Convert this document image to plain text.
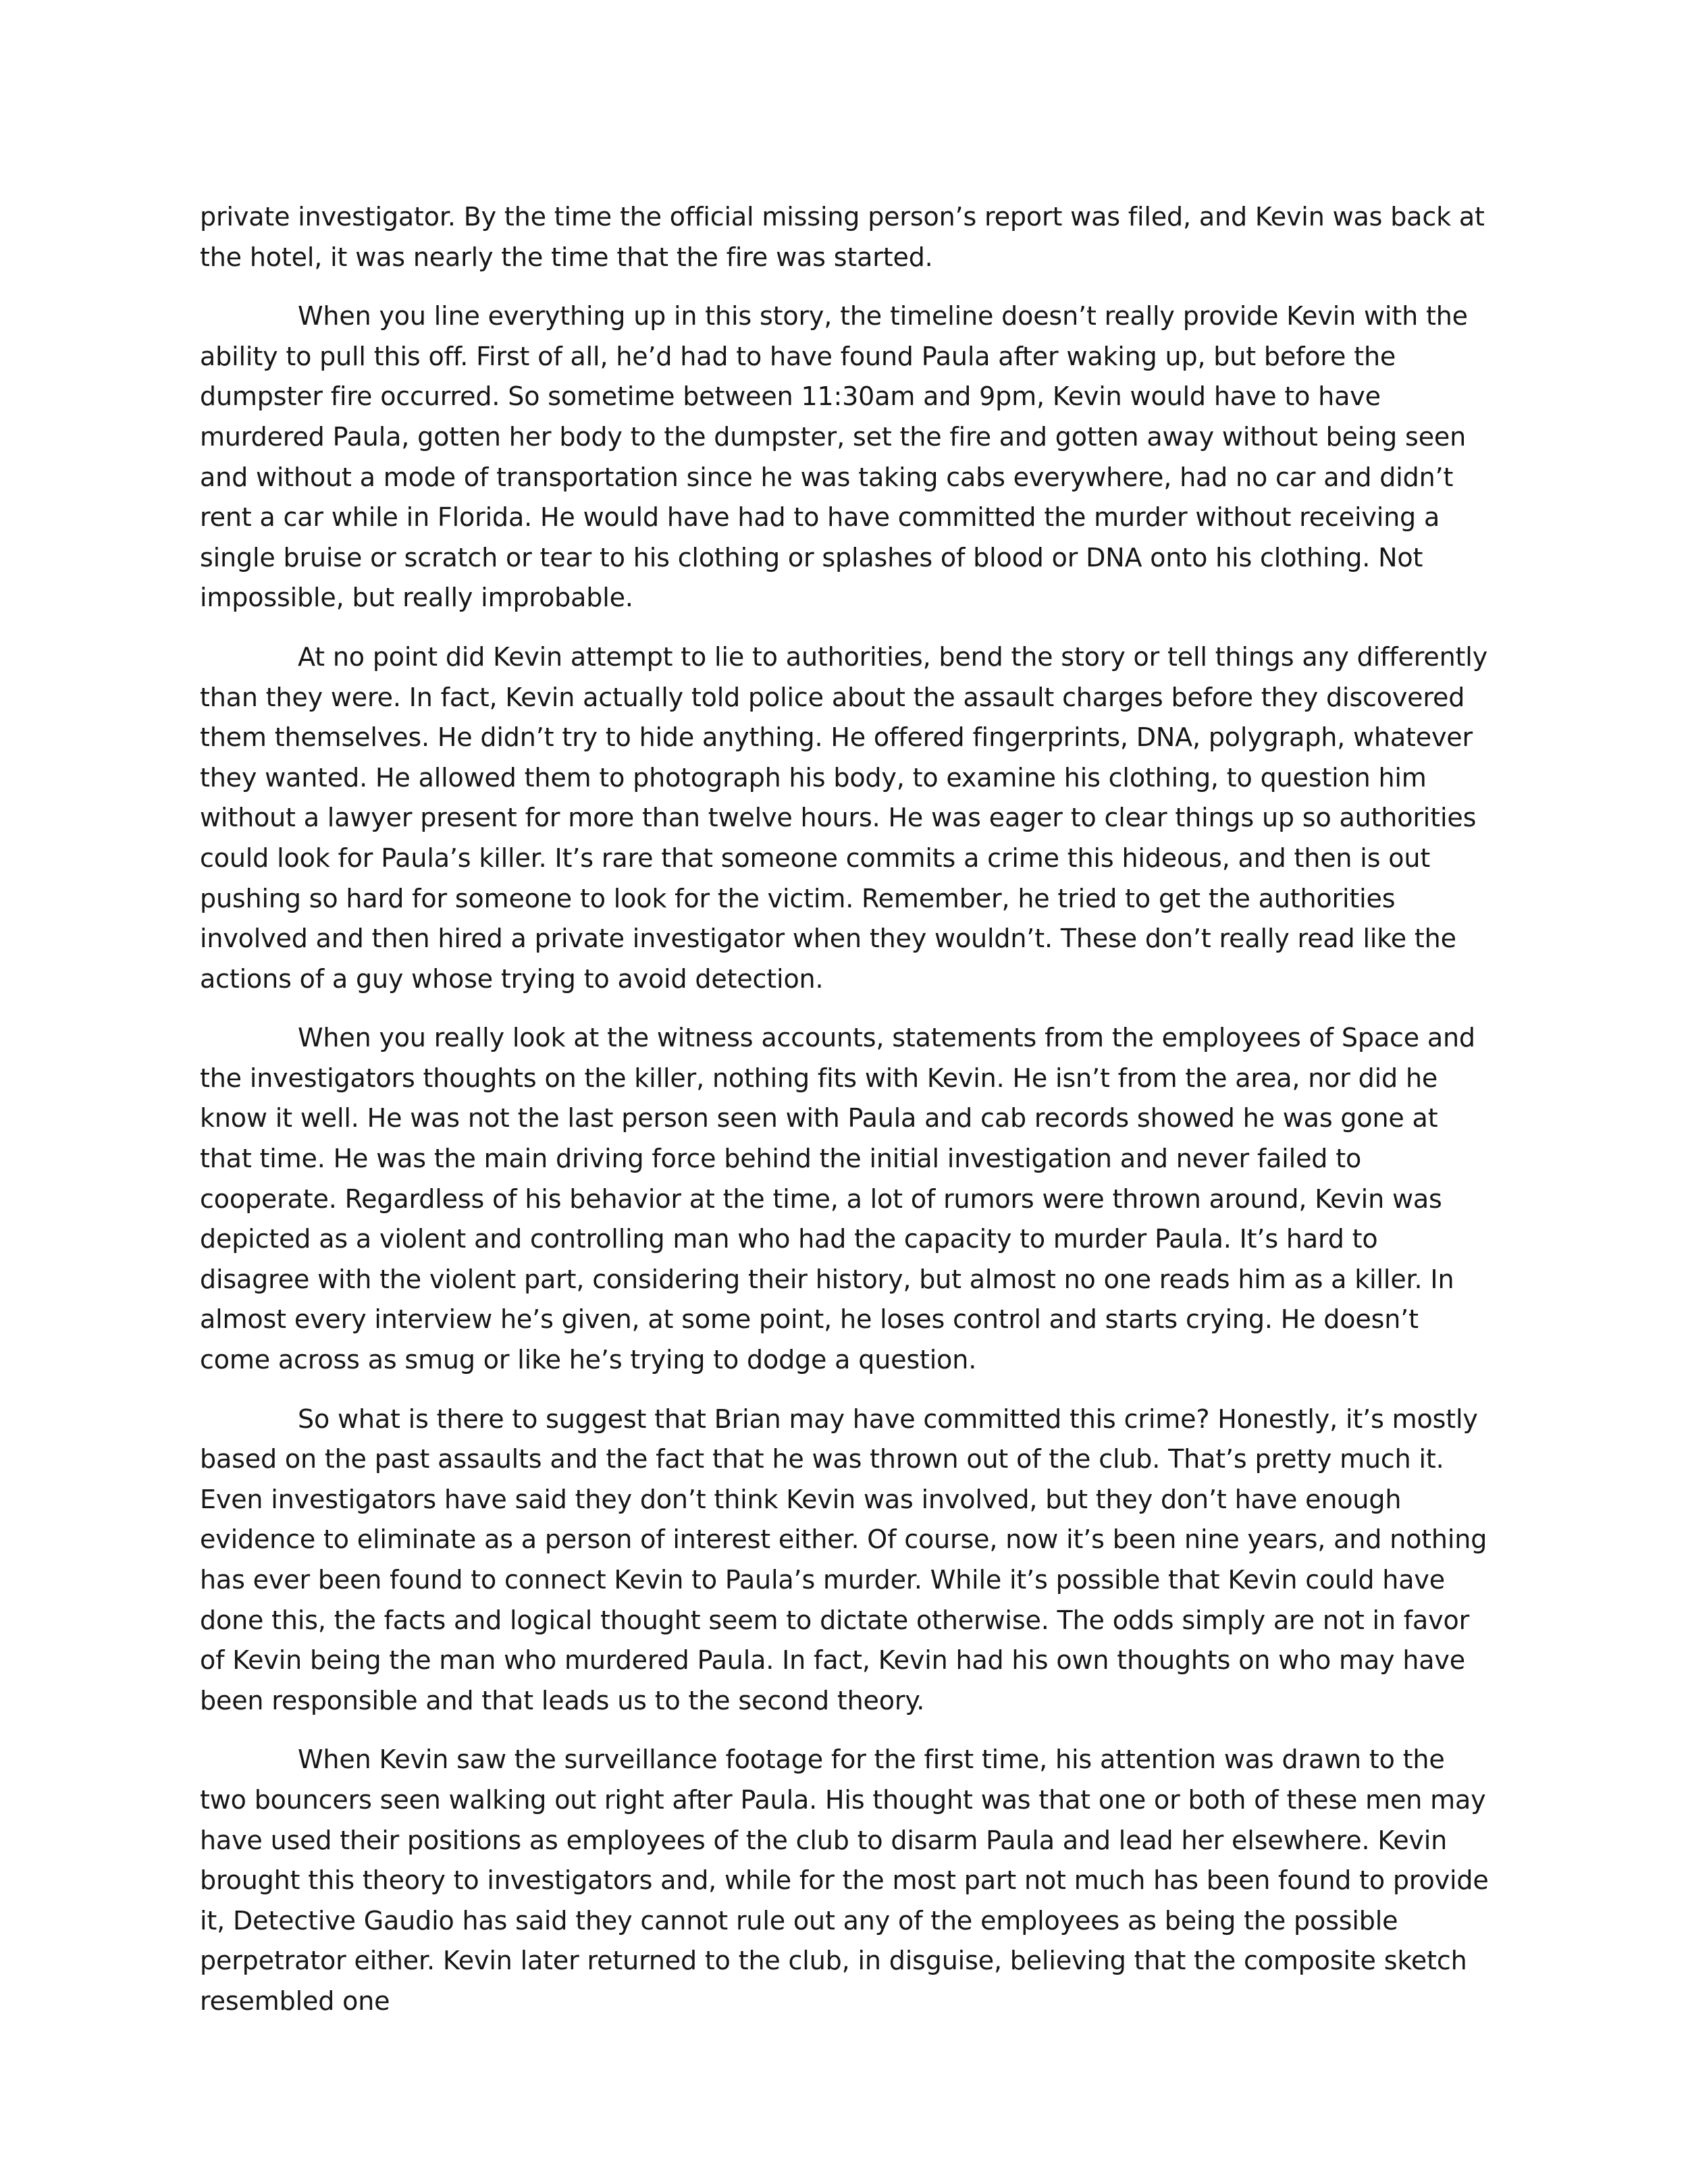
private investigator. By the time the official missing person’s report was filed, and Kevin was back at the hotel, it was nearly the time that the fire was started.

When you line everything up in this story, the timeline doesn’t really provide Kevin with the ability to pull this off. First of all, he’d had to have found Paula after waking up, but before the dumpster fire occurred. So sometime between 11:30am and 9pm, Kevin would have to have murdered Paula, gotten her body to the dumpster, set the fire and gotten away without being seen and without a mode of transportation since he was taking cabs everywhere, had no car and didn’t rent a car while in Florida. He would have had to have committed the murder without receiving a single bruise or scratch or tear to his clothing or splashes of blood or DNA onto his clothing. Not impossible, but really improbable.

At no point did Kevin attempt to lie to authorities, bend the story or tell things any differently than they were. In fact, Kevin actually told police about the assault charges before they discovered them themselves. He didn’t try to hide anything. He offered fingerprints, DNA, polygraph, whatever they wanted. He allowed them to photograph his body, to examine his clothing, to question him without a lawyer present for more than twelve hours. He was eager to clear things up so authorities could look for Paula’s killer. It’s rare that someone commits a crime this hideous, and then is out pushing so hard for someone to look for the victim. Remember, he tried to get the authorities involved and then hired a private investigator when they wouldn’t. These don’t really read like the actions of a guy whose trying to avoid detection.

When you really look at the witness accounts, statements from the employees of Space and the investigators thoughts on the killer, nothing fits with Kevin. He isn’t from the area, nor did he know it well. He was not the last person seen with Paula and cab records showed he was gone at that time. He was the main driving force behind the initial investigation and never failed to cooperate. Regardless of his behavior at the time, a lot of rumors were thrown around, Kevin was depicted as a violent and controlling man who had the capacity to murder Paula. It’s hard to disagree with the violent part, considering their history, but almost no one reads him as a killer. In almost every interview he’s given, at some point, he loses control and starts crying. He doesn’t come across as smug or like he’s trying to dodge a question.

So what is there to suggest that Brian may have committed this crime? Honestly, it’s mostly based on the past assaults and the fact that he was thrown out of the club. That’s pretty much it. Even investigators have said they don’t think Kevin was involved, but they don’t have enough evidence to eliminate as a person of interest either. Of course, now it’s been nine years, and nothing has ever been found to connect Kevin to Paula’s murder. While it’s possible that Kevin could have done this, the facts and logical thought seem to dictate otherwise. The odds simply are not in favor of Kevin being the man who murdered Paula. In fact, Kevin had his own thoughts on who may have been responsible and that leads us to the second theory.

When Kevin saw the surveillance footage for the first time, his attention was drawn to the two bouncers seen walking out right after Paula. His thought was that one or both of these men may have used their positions as employees of the club to disarm Paula and lead her elsewhere. Kevin brought this theory to investigators and, while for the most part not much has been found to provide it, Detective Gaudio has said they cannot rule out any of the employees as being the possible perpetrator either. Kevin later returned to the club, in disguise, believing that the composite sketch resembled one
